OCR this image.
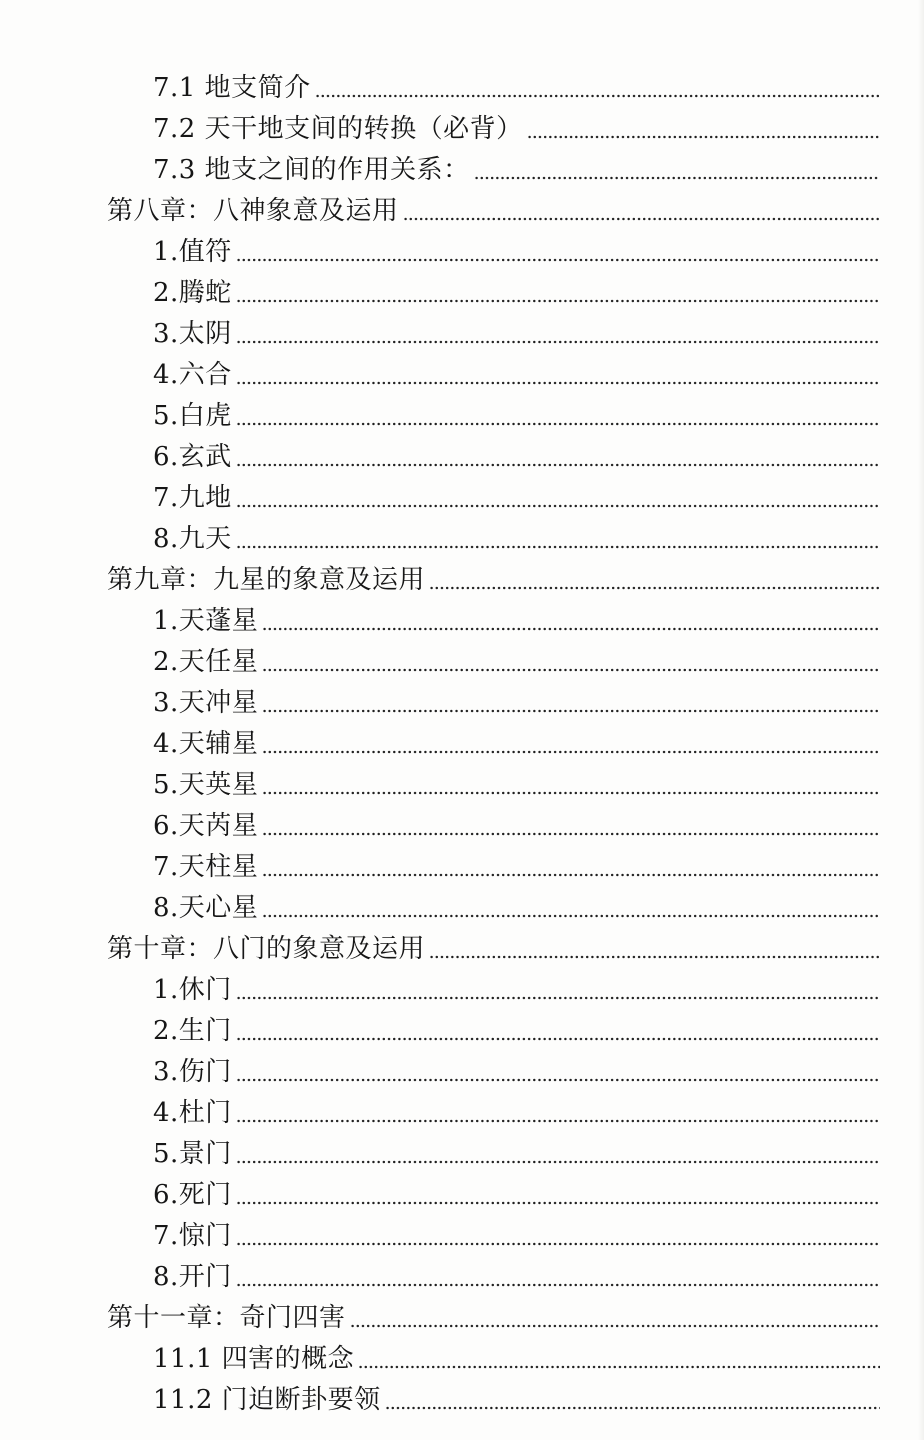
7.1 地支简介
7.2 天干地支间的转换（必背）
7.3 地支之间的作用关系：
第八章：八神象意及运用
1.值符
2.腾蛇
3.太阴
4.六合
5.白虎
6.玄武
7.九地
8.九天
第九章：九星的象意及运用
1.天蓬星
2.天任星
3.天冲星
4.天辅星
5.天英星
6.天芮星
7.天柱星
8.天心星
第十章：八门的象意及运用
1.休门
2.生门
3.伤门
4.杜门
5.景门
6.死门
7.惊门
8.开门
第十一章：奇门四害
11.1 四害的概念
11.2 门迫断卦要领
